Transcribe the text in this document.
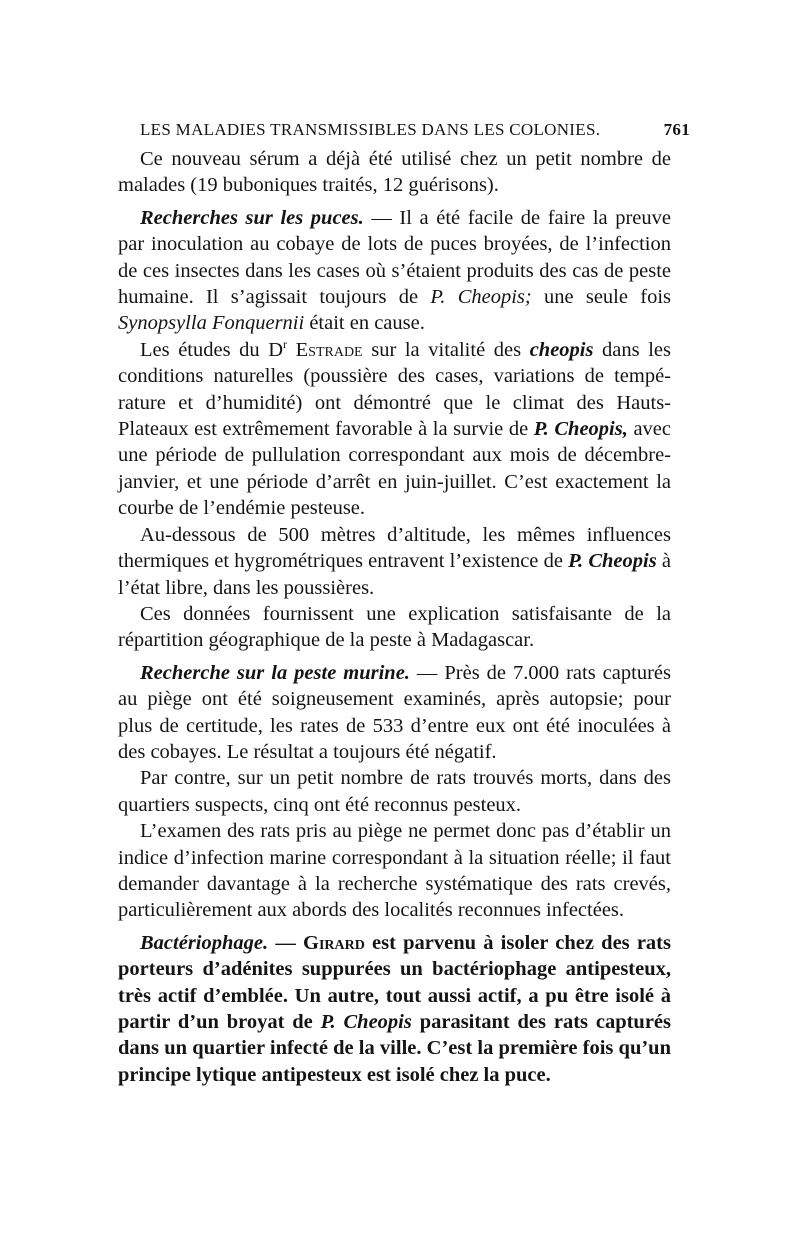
LES MALADIES TRANSMISSIBLES DANS LES COLONIES.	761

Ce nouveau sérum a déjà été utilisé chez un petit nombre de malades (19 buboniques traités, 12 guérisons).

Recherches sur les puces. — Il a été facile de faire la preuve par inoculation au cobaye de lots de puces broyées, de l’infection de ces insectes dans les cases où s’étaient produits des cas de peste humaine. Il s’agissait toujours de P. Cheopis; une seule fois Synopsylla Fonquernii était en cause.

Les études du $D^r$ Estrade sur la vitalité des cheopis dans les conditions naturelles (poussière des cases, variations de température et d’humidité) ont démontré que le climat des Hauts-Plateaux est extrêmement favorable à la survie de P. Cheopis, avec une période de pullulation correspondant aux mois de décembre-janvier, et une période d’arrêt en juin-juillet. C’est exactement la courbe de l’endémie pesteuse.

Au-dessous de 500 mètres d’altitude, les mêmes influences thermiques et hygrométriques entravent l’existence de P. Cheopis à l’état libre, dans les poussières.

Ces données fournissent une explication satisfaisante de la répartition géographique de la peste à Madagascar.

Recherche sur la peste murine. — Près de 7.000 rats capturés au piège ont été soigneusement examinés, après autopsie; pour plus de certitude, les rates de 533 d’entre eux ont été inoculées à des cobayes. Le résultat a toujours été négatif.

Par contre, sur un petit nombre de rats trouvés morts, dans des quartiers suspects, cinq ont été reconnus pesteux.

L’examen des rats pris au piège ne permet donc pas d’établir un indice d’infection marine correspondant à la situation réelle; il faut demander davantage à la recherche systématique des rats crevés, particulièrement aux abords des localités reconnues infectées.

Bactériophage. — Girard est parvenu à isoler chez des rats porteurs d’adénites suppurées un bactériophage antipesteux, très actif d’emblée. Un autre, tout aussi actif, a pu être isolé à partir d’un broyat de P. Cheopis parasitant des rats capturés dans un quartier infecté de la ville. C’est la première fois qu’un principe lytique antipesteux est isolé chez la puce.
